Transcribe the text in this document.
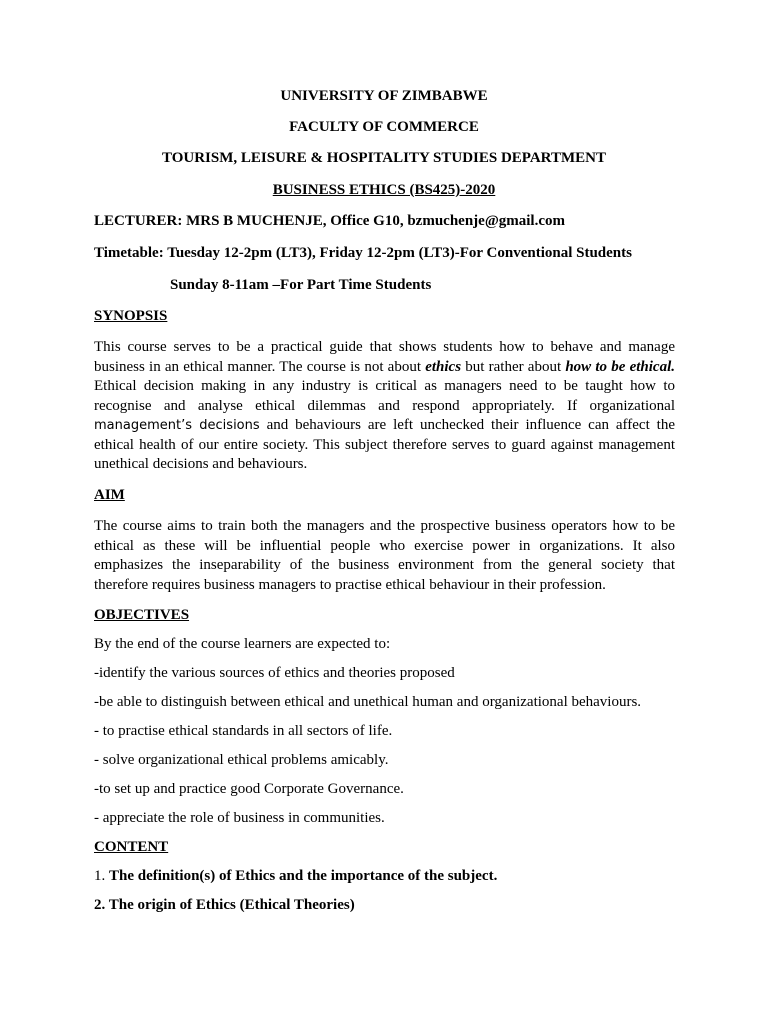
UNIVERSITY OF ZIMBABWE
FACULTY OF COMMERCE
TOURISM, LEISURE & HOSPITALITY STUDIES DEPARTMENT
BUSINESS ETHICS (BS425)-2020
LECTURER: MRS B MUCHENJE, Office G10, bzmuchenje@gmail.com
Timetable: Tuesday 12-2pm (LT3), Friday 12-2pm (LT3)-For Conventional Students
Sunday 8-11am –For Part Time Students
SYNOPSIS

This course serves to be a practical guide that shows students how to behave and manage business in an ethical manner. The course is not about ethics but rather about how to be ethical. Ethical decision making in any industry is critical as managers need to be taught how to recognise and analyse ethical dilemmas and respond appropriately. If organizational management’s decisions and behaviours are left unchecked their influence can affect the ethical health of our entire society. This subject therefore serves to guard against management unethical decisions and behaviours.

AIM

The course aims to train both the managers and the prospective business operators how to be ethical as these will be influential people who exercise power in organizations. It also emphasizes the inseparability of the business environment from the general society that therefore requires business managers to practise ethical behaviour in their profession.

OBJECTIVES
By the end of the course learners are expected to:
-identify the various sources of ethics and theories proposed
-be able to distinguish between ethical and unethical human and organizational behaviours.
- to practise ethical standards in all sectors of life.
- solve organizational ethical problems amicably.
-to set up and practice good Corporate Governance.
- appreciate the role of business in communities.
CONTENT
1. The definition(s) of Ethics and the importance of the subject.
2. The origin of Ethics (Ethical Theories)
